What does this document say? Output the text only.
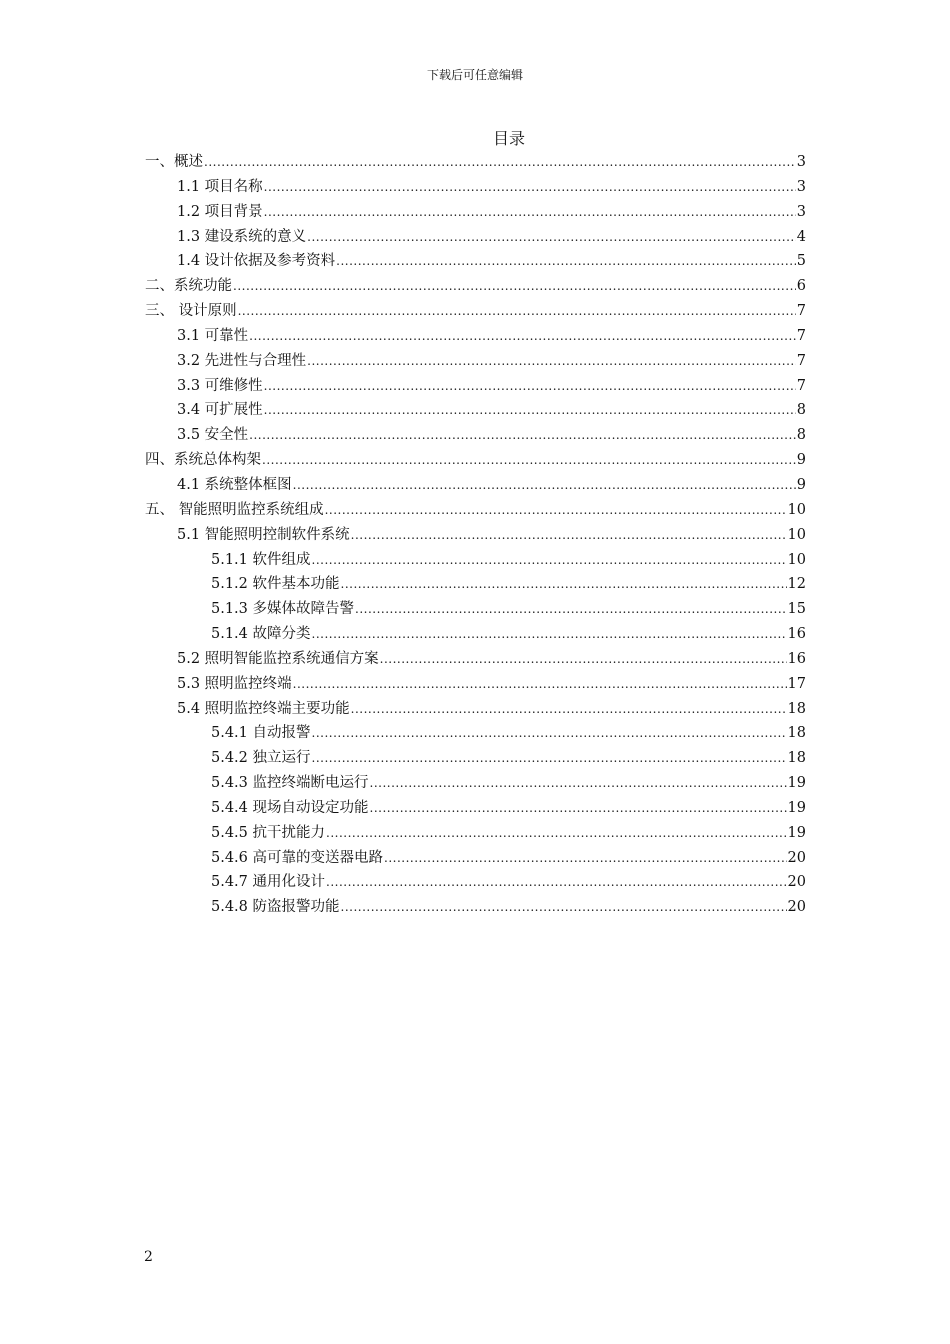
下载后可任意编辑
目录
一、概述 .....	3
1.1 项目名称 .....	3
1.2 项目背景 .....	3
1.3 建设系统的意义 .....	4
1.4 设计依据及参考资料 .....	5
二、系统功能 .....	6
三、 设计原则 .....	7
3.1 可靠性 .....	7
3.2 先进性与合理性 .....	7
3.3 可维修性 .....	7
3.4 可扩展性 .....	8
3.5 安全性 .....	8
四、系统总体构架 .....	9
4.1 系统整体框图 .....	9
五、 智能照明监控系统组成 .....	10
5.1 智能照明控制软件系统 .....	10
5.1.1 软件组成 .....	10
5.1.2 软件基本功能 .....	12
5.1.3 多媒体故障告警 .....	15
5.1.4 故障分类 .....	16
5.2 照明智能监控系统通信方案 .....	16
5.3 照明监控终端 .....	17
5.4 照明监控终端主要功能 .....	18
5.4.1 自动报警 .....	18
5.4.2 独立运行 .....	18
5.4.3 监控终端断电运行 .....	19
5.4.4 现场自动设定功能 .....	19
5.4.5 抗干扰能力 .....	19
5.4.6 高可靠的变送器电路 .....	20
5.4.7 通用化设计 .....	20
5.4.8 防盗报警功能 .....	20
2
